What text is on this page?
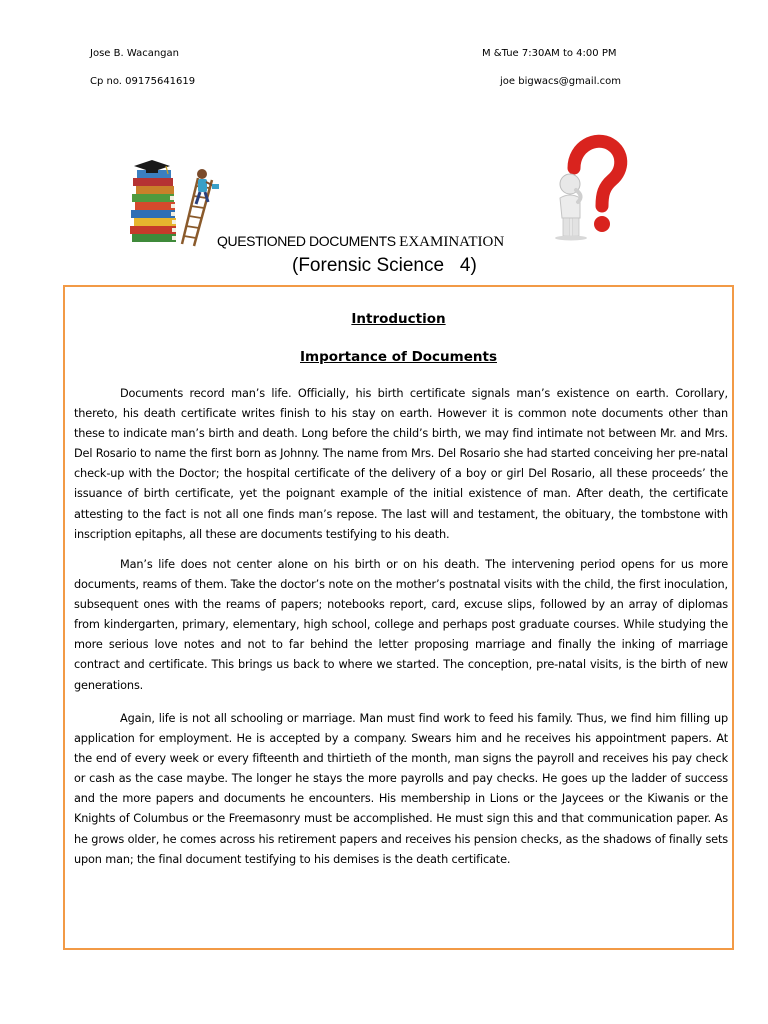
Jose B. Wacangan	M &Tue 7:30AM to 4:00 PM
Cp no. 09175641619	joe bigwacs@gmail.com
QUESTIONED DOCUMENTS EXAMINATION
(Forensic Science   4)
Introduction
Importance of Documents

Documents record man’s life. Officially, his birth certificate signals man’s existence on earth. Corollary, thereto, his death certificate writes finish to his stay on earth. However it is common note documents other than these to indicate man’s birth and death. Long before the child’s birth, we may find intimate not between Mr. and Mrs. Del Rosario to name the first born as Johnny. The name from Mrs. Del Rosario she had started conceiving her pre-natal check-up with the Doctor; the hospital certificate of the delivery of a boy or girl Del Rosario, all these proceeds’ the issuance of birth certificate, yet the poignant example of the initial existence of man. After death, the certificate attesting to the fact is not all one finds man’s repose. The last will and testament, the obituary, the tombstone with inscription epitaphs, all these are documents testifying to his death.

Man’s life does not center alone on his birth or on his death. The intervening period opens for us more documents, reams of them. Take the doctor’s note on the mother’s postnatal visits with the child, the first inoculation, subsequent ones with the reams of papers; notebooks report, card, excuse slips, followed by an array of diplomas from kindergarten, primary, elementary, high school, college and perhaps post graduate courses. While studying the more serious love notes and not to far behind the letter proposing marriage and finally the inking of marriage contract and certificate. This brings us back to where we started. The conception, pre-natal visits, is the birth of new generations.

Again, life is not all schooling or marriage. Man must find work to feed his family. Thus, we find him filling up application for employment. He is accepted by a company. Swears him and he receives his appointment papers. At the end of every week or every fifteenth and thirtieth of the month, man signs the payroll and receives his pay check or cash as the case maybe. The longer he stays the more payrolls and pay checks. He goes up the ladder of success and the more papers and documents he encounters. His membership in Lions or the Jaycees or the Kiwanis or the Knights of Columbus or the Freemasonry must be accomplished. He must sign this and that communication paper. As he grows older, he comes across his retirement papers and receives his pension checks, as the shadows of finally sets upon man; the final document testifying to his demises is the death certificate.
